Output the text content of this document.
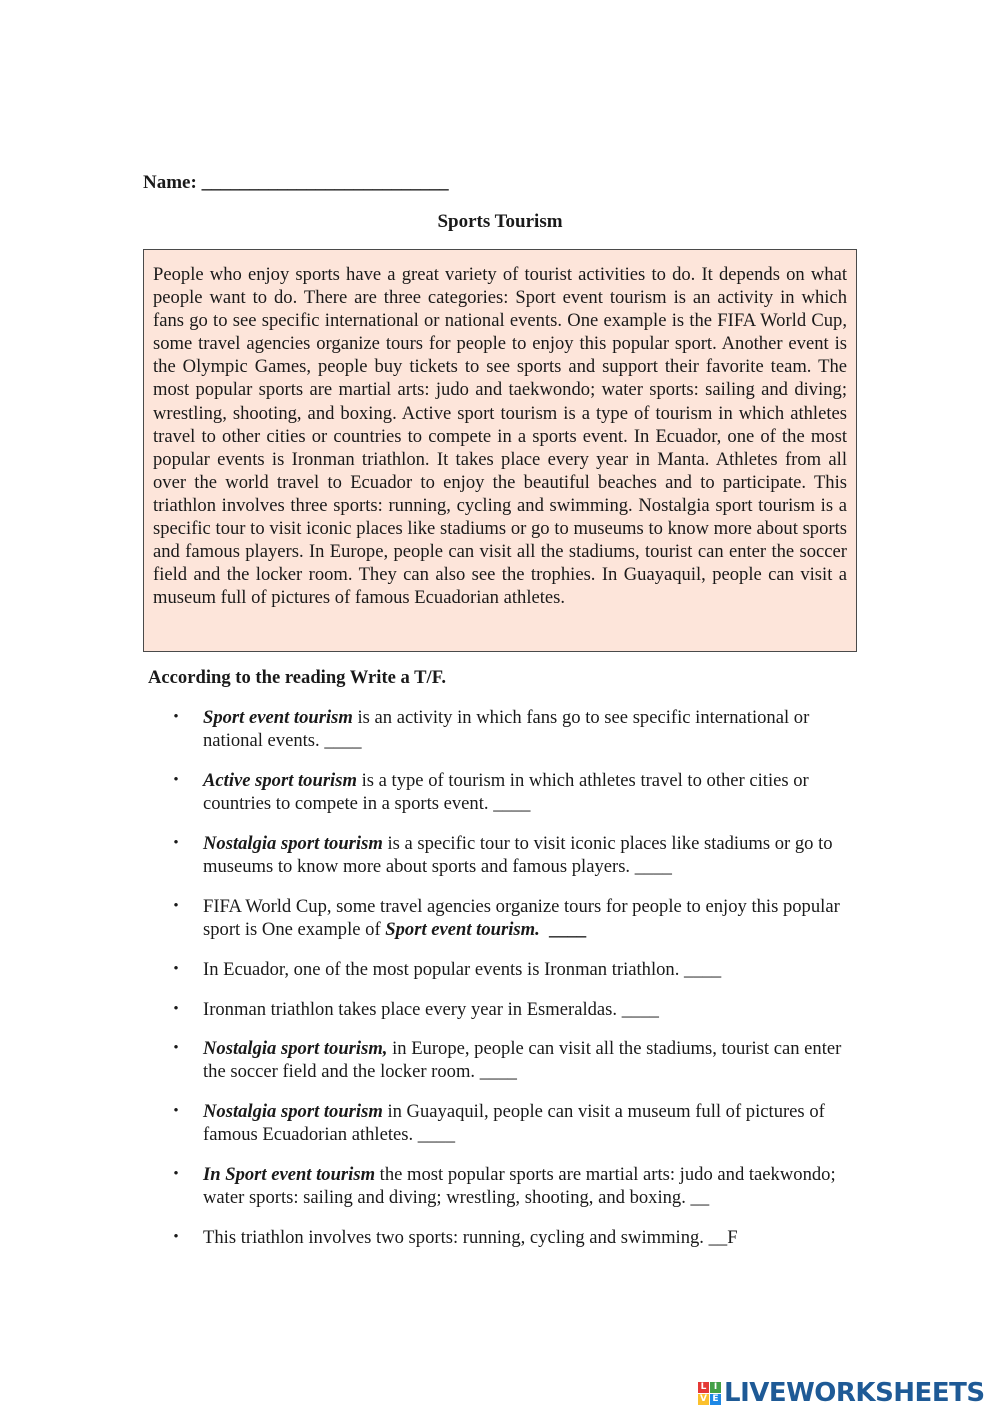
Name: __________________________
Sports Tourism
People who enjoy sports have a great variety of tourist activities to do. It depends on what people want to do. There are three categories: Sport event tourism is an activity in which fans go to see specific international or national events. One example is the FIFA World Cup, some travel agencies organize tours for people to enjoy this popular sport. Another event is the Olympic Games, people buy tickets to see sports and support their favorite team. The most popular sports are martial arts: judo and taekwondo; water sports: sailing and diving; wrestling, shooting, and boxing. Active sport tourism is a type of tourism in which athletes travel to other cities or countries to compete in a sports event. In Ecuador, one of the most popular events is Ironman triathlon. It takes place every year in Manta. Athletes from all over the world travel to Ecuador to enjoy the beautiful beaches and to participate. This triathlon involves three sports: running, cycling and swimming. Nostalgia sport tourism is a specific tour to visit iconic places like stadiums or go to museums to know more about sports and famous players. In Europe, people can visit all the stadiums, tourist can enter the soccer field and the locker room. They can also see the trophies. In Guayaquil, people can visit a museum full of pictures of famous Ecuadorian athletes.
According to the reading Write a T/F.
• Sport event tourism is an activity in which fans go to see specific international or national events. ____
• Active sport tourism is a type of tourism in which athletes travel to other cities or countries to compete in a sports event. ____
• Nostalgia sport tourism is a specific tour to visit iconic places like stadiums or go to museums to know more about sports and famous players. ____
• FIFA World Cup, some travel agencies organize tours for people to enjoy this popular sport is One example of Sport event tourism. ____
• In Ecuador, one of the most popular events is Ironman triathlon. ____
• Ironman triathlon takes place every year in Esmeraldas. ____
• Nostalgia sport tourism, in Europe, people can visit all the stadiums, tourist can enter the soccer field and the locker room. ____
• Nostalgia sport tourism in Guayaquil, people can visit a museum full of pictures of famous Ecuadorian athletes. ____
• In Sport event tourism the most popular sports are martial arts: judo and taekwondo; water sports: sailing and diving; wrestling, shooting, and boxing. __
• This triathlon involves two sports: running, cycling and swimming. __F
L I
V E LIVEWORKSHEETS
